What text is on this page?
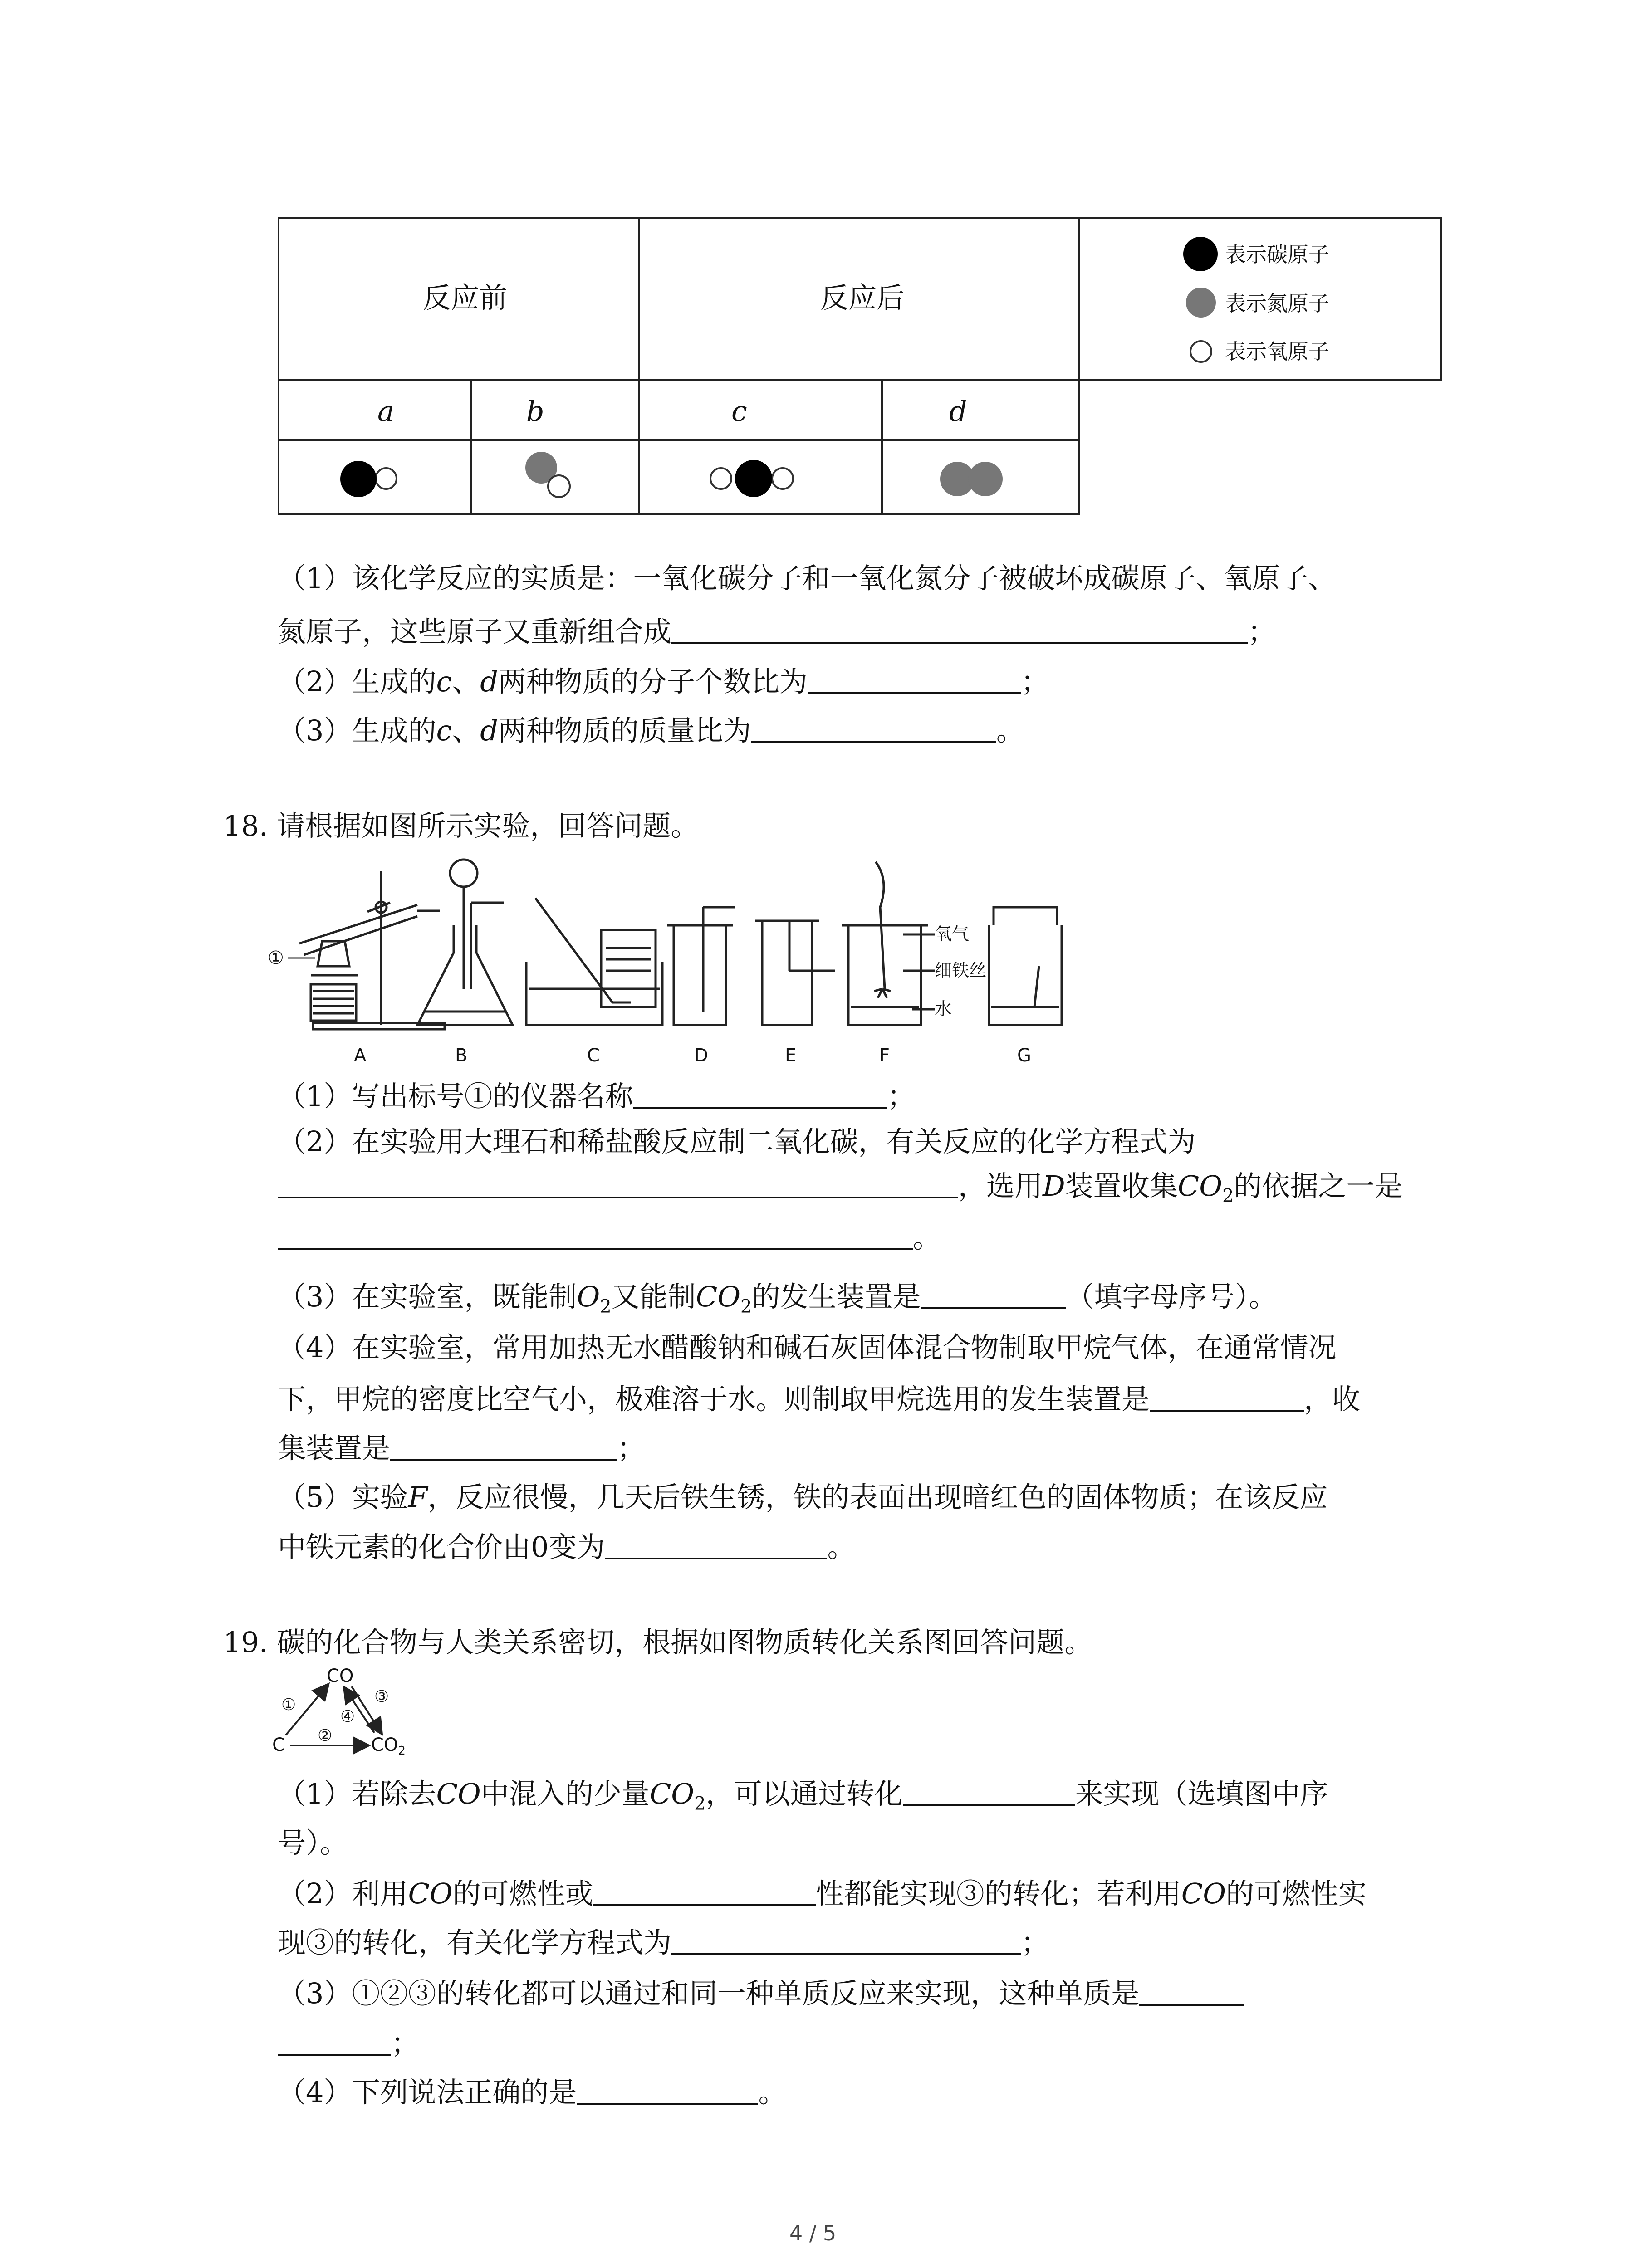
反应前	反应后
a	b	c	d
表示碳原子
表示氮原子
表示氧原子
（1）该化学反应的实质是：一氧化碳分子和一氧化氮分子被破坏成碳原子、氧原子、
氮原子，这些原子又重新组合成	；
（2）生成的c、d两种物质的分子个数比为	；
（3）生成的c、d两种物质的质量比为	。
18. 请根据如图所示实验，回答问题。
①
氧气
细铁丝
水
A	B	C	D	E	F	G
（1）写出标号①的仪器名称	；
（2）在实验用大理石和稀盐酸反应制二氧化碳，有关反应的化学方程式为
，选用D装置收集$CO_2$的依据之一是
。
（3）在实验室，既能制$O_2$又能制$CO_2$的发生装置是	（填字母序号）。
（4）在实验室，常用加热无水醋酸钠和碱石灰固体混合物制取甲烷气体，在通常情况
下，甲烷的密度比空气小，极难溶于水。则制取甲烷选用的发生装置是	，收
集装置是	；
（5）实验F，反应很慢，几天后铁生锈，铁的表面出现暗红色的固体物质；在该反应
中铁元素的化合价由0变为	。
19. 碳的化合物与人类关系密切，根据如图物质转化关系图回答问题。
CO
C	$CO_2$
①
②
③
④
（1）若除去CO中混入的少量$CO_2$，可以通过转化	来实现（选填图中序
号）。
（2）利用CO的可燃性或	性都能实现③的转化；若利用CO的可燃性实
现③的转化，有关化学方程式为	；
（3）①②③的转化都可以通过和同一种单质反应来实现，这种单质是
；
（4）下列说法正确的是	。
4 / 5
